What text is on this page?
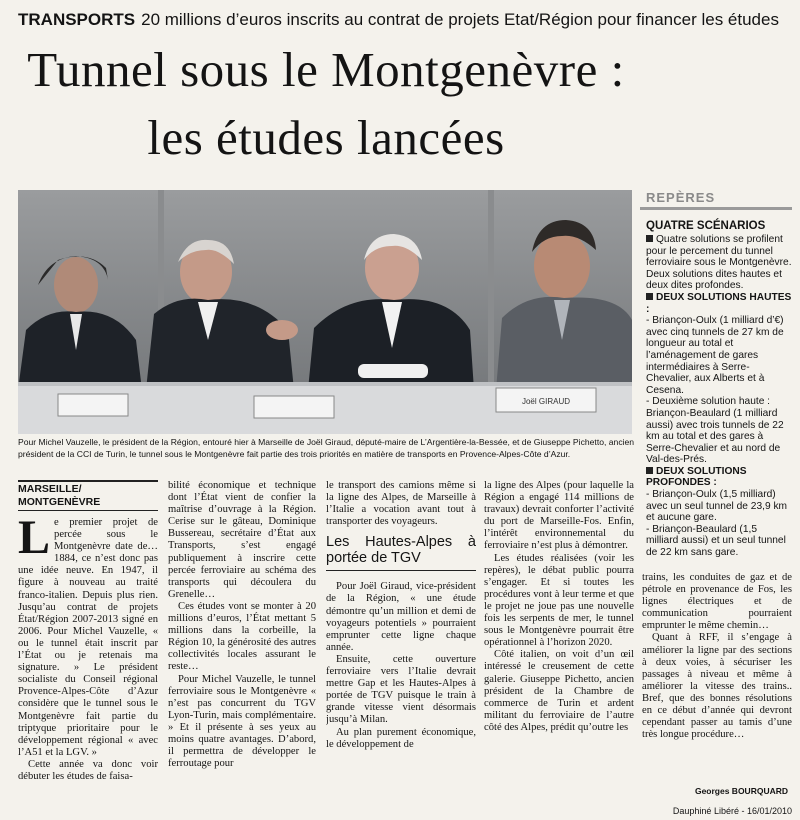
TRANSPORTS 20 millions d’euros inscrits au contrat de projets Etat/Région pour financer les études
Tunnel sous le Montgenèvre :
les études lancées
Joël GIRAUD
Pour Michel Vauzelle, le président de la Région, entouré hier à Marseille de Joël Giraud, député-maire de L’Argentière-la-Bessée, et de Giuseppe Pichetto, ancien président de la CCI de Turin, le tunnel sous le Montgenèvre fait partie des trois priorités en matière de transports en Provence-Alpes-Côte d’Azur.

REPÈRES

QUATRE SCÉNARIOS

Quatre solutions se profilent pour le percement du tunnel ferroviaire sous le Montgenèvre. Deux solutions dites hautes et deux dites profondes.

DEUX SOLUTIONS HAUTES :

- Briançon-Oulx (1 milliard d’€) avec cinq tunnels de 27 km de longueur au total et l’aménagement de gares intermédiaires à Serre-Chevalier, aux Alberts et à Cesena.

- Deuxième solution haute : Briançon-Beaulard (1 milliard aussi) avec trois tunnels de 22 km au total et des gares à Serre-Chevalier et au nord de Val-des-Prés.

DEUX SOLUTIONS PROFONDES :

- Briançon-Oulx (1,5 milliard) avec un seul tunnel de 23,9 km et aucune gare.

- Briançon-Beaulard (1,5 milliard aussi) et un seul tunnel de 22 km sans gare.

MARSEILLE/
MONTGENÈVRE

Le premier projet de percée sous le Montgenèvre date de… 1884, ce n’est donc pas une idée neuve. En 1947, il figure à nouveau au traité franco-italien. Depuis plus rien. Jusqu’au contrat de projets État/Région 2007-2013 signé en 2006. Pour Michel Vauzelle, « ou le tunnel était inscrit par l’État ou je retenais ma signature. » Le président socialiste du Conseil régional Provence-Alpes-Côte d’Azur considère que le tunnel sous le Montgenèvre fait partie du triptyque prioritaire pour le développement régional « avec l’A51 et la LGV. »

Cette année va donc voir débuter les études de faisa-

bilité économique et technique dont l’État vient de confier la maîtrise d’ouvrage à la Région. Cerise sur le gâteau, Dominique Bussereau, secrétaire d’État aux Transports, s’est engagé publiquement à inscrire cette percée ferroviaire au schéma des transports qui découlera du Grenelle…

Ces études vont se monter à 20 millions d’euros, l’État mettant 5 millions dans la corbeille, la Région 10, la générosité des autres collectivités locales assurant le reste…

Pour Michel Vauzelle, le tunnel ferroviaire sous le Montgenèvre « n’est pas concurrent du TGV Lyon-Turin, mais complémentaire. » Et il présente à ses yeux au moins quatre avantages. D’abord, il permettra de développer le ferroutage pour

le transport des camions même si la ligne des Alpes, de Marseille à l’Italie a vocation avant tout à transporter des voyageurs.

Les Hautes-Alpes à portée de TGV

Pour Joël Giraud, vice-président de la Région, « une étude démontre qu’un million et demi de voyageurs potentiels » pourraient emprunter cette ligne chaque année.

Ensuite, cette ouverture ferroviaire vers l’Italie devrait mettre Gap et les Hautes-Alpes à portée de TGV puisque le train à grande vitesse vient désormais jusqu’à Milan.

Au plan purement économique, le développement de

la ligne des Alpes (pour laquelle la Région a engagé 114 millions de travaux) devrait conforter l’activité du port de Marseille-Fos. Enfin, l’intérêt environnemental du ferroviaire n’est plus à démontrer.

Les études réalisées (voir les repères), le débat public pourra s’engager. Et si toutes les procédures vont à leur terme et que le projet ne joue pas une nouvelle fois les serpents de mer, le tunnel sous le Montgenèvre pourrait être opérationnel à l’horizon 2020.

Côté italien, on voit d’un œil intéressé le creusement de cette galerie. Giuseppe Pichetto, ancien président de la Chambre de commerce de Turin et ardent militant du ferroviaire de l’autre côté des Alpes, prédit qu’outre les

trains, les conduites de gaz et de pétrole en provenance de Fos, les lignes électriques et de communication pourraient emprunter le même chemin…

Quant à RFF, il s’engage à améliorer la ligne par des sections à deux voies, à sécuriser les passages à niveau et même à améliorer la vitesse des trains.. Bref, que des bonnes résolutions en ce début d’année qui devront cependant passer au tamis d’une très longue procédure…

Georges BOURQUARD
Dauphiné Libéré - 16/01/2010
